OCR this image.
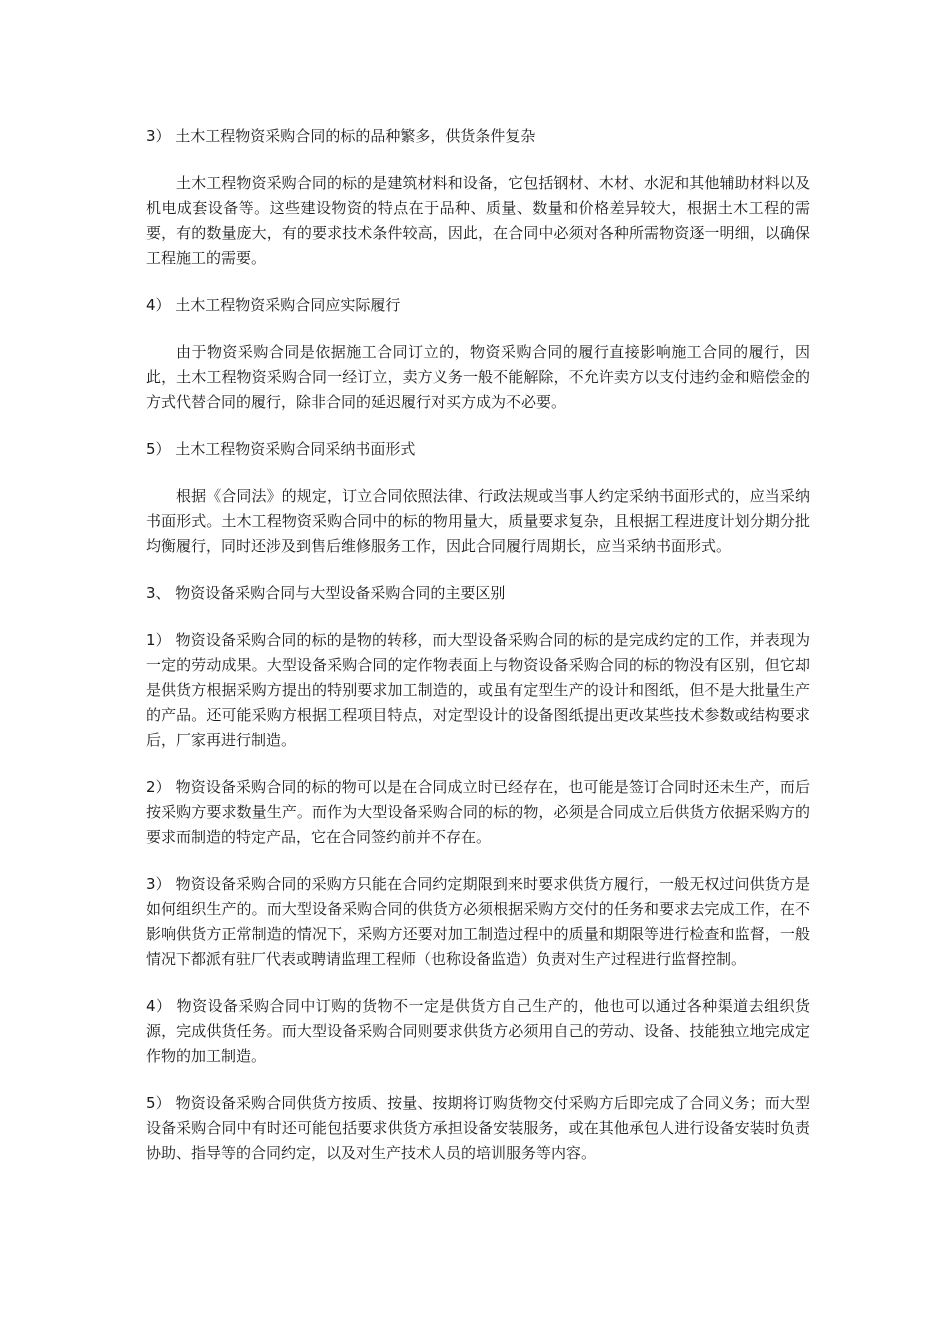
3） 土木工程物资采购合同的标的品种繁多，供货条件复杂

土木工程物资采购合同的标的是建筑材料和设备，它包括钢材、木材、水泥和其他辅助材料以及机电成套设备等。这些建设物资的特点在于品种、质量、数量和价格差异较大，根据土木工程的需要，有的数量庞大，有的要求技术条件较高，因此，在合同中必须对各种所需物资逐一明细，以确保工程施工的需要。

4） 土木工程物资采购合同应实际履行

由于物资采购合同是依据施工合同订立的，物资采购合同的履行直接影响施工合同的履行，因此，土木工程物资采购合同一经订立，卖方义务一般不能解除，不允许卖方以支付违约金和赔偿金的方式代替合同的履行，除非合同的延迟履行对买方成为不必要。

5） 土木工程物资采购合同采纳书面形式

根据《合同法》的规定，订立合同依照法律、行政法规或当事人约定采纳书面形式的，应当采纳书面形式。土木工程物资采购合同中的标的物用量大，质量要求复杂，且根据工程进度计划分期分批均衡履行，同时还涉及到售后维修服务工作，因此合同履行周期长，应当采纳书面形式。

3、 物资设备采购合同与大型设备采购合同的主要区别

1） 物资设备采购合同的标的是物的转移，而大型设备采购合同的标的是完成约定的工作，并表现为一定的劳动成果。大型设备采购合同的定作物表面上与物资设备采购合同的标的物没有区别，但它却是供货方根据采购方提出的特别要求加工制造的，或虽有定型生产的设计和图纸，但不是大批量生产的产品。还可能采购方根据工程项目特点，对定型设计的设备图纸提出更改某些技术参数或结构要求后，厂家再进行制造。

2） 物资设备采购合同的标的物可以是在合同成立时已经存在，也可能是签订合同时还未生产，而后按采购方要求数量生产。而作为大型设备采购合同的标的物，必须是合同成立后供货方依据采购方的要求而制造的特定产品，它在合同签约前并不存在。

3） 物资设备采购合同的采购方只能在合同约定期限到来时要求供货方履行，一般无权过问供货方是如何组织生产的。而大型设备采购合同的供货方必须根据采购方交付的任务和要求去完成工作，在不影响供货方正常制造的情况下，采购方还要对加工制造过程中的质量和期限等进行检查和监督，一般情况下都派有驻厂代表或聘请监理工程师（也称设备监造）负责对生产过程进行监督控制。

4） 物资设备采购合同中订购的货物不一定是供货方自己生产的，他也可以通过各种渠道去组织货源，完成供货任务。而大型设备采购合同则要求供货方必须用自己的劳动、设备、技能独立地完成定作物的加工制造。

5） 物资设备采购合同供货方按质、按量、按期将订购货物交付采购方后即完成了合同义务；而大型设备采购合同中有时还可能包括要求供货方承担设备安装服务，或在其他承包人进行设备安装时负责协助、指导等的合同约定，以及对生产技术人员的培训服务等内容。
